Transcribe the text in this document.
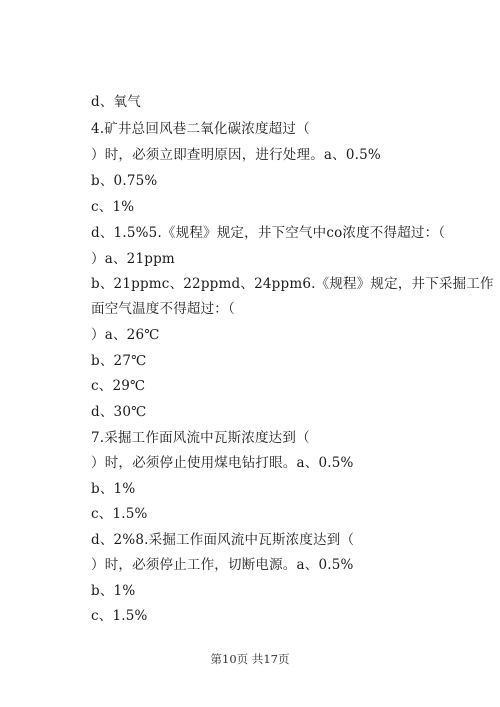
d、氧气
4.矿井总回风巷二氧化碳浓度超过（
）时，必须立即查明原因，进行处理。a、0.5%
b、0.75%
c、1%
d、1.5%5.《规程》规定，井下空气中co浓度不得超过：（
）a、21ppm
b、21ppmc、22ppmd、24ppm6.《规程》规定，井下采掘工作
面空气温度不得超过：（
）a、26℃
b、27℃
c、29℃
d、30℃
7.采掘工作面风流中瓦斯浓度达到（
）时，必须停止使用煤电钻打眼。a、0.5%
b、1%
c、1.5%
d、2%8.采掘工作面风流中瓦斯浓度达到（
）时，必须停止工作，切断电源。a、0.5%
b、1%
c、1.5%
第10页 共17页
